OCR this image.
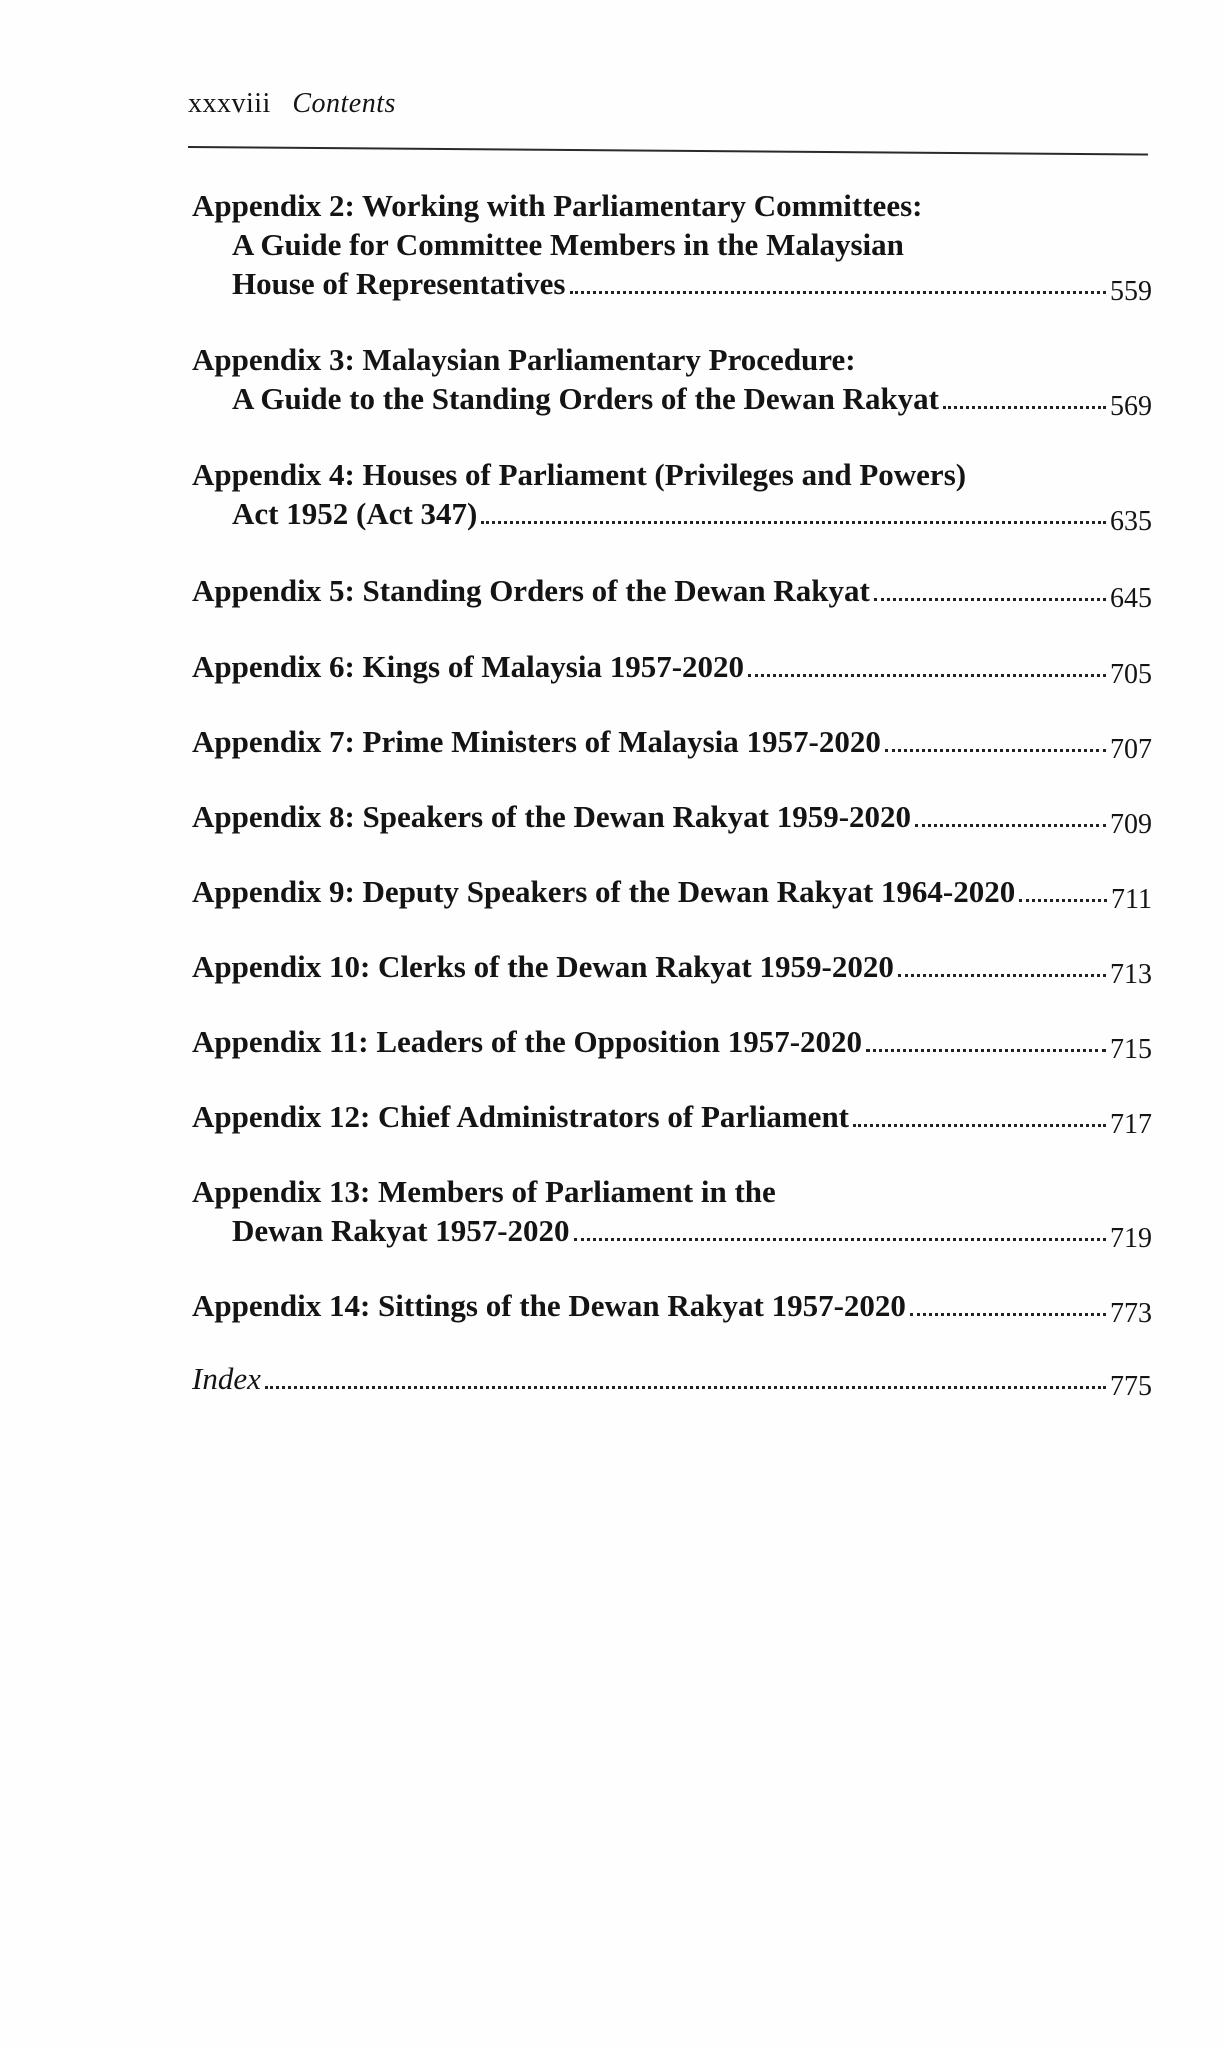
xxxviii Contents
Appendix 2: Working with Parliamentary Committees:
A Guide for Committee Members in the Malaysian
House of Representatives	559
Appendix 3: Malaysian Parliamentary Procedure:
A Guide to the Standing Orders of the Dewan Rakyat	569
Appendix 4: Houses of Parliament (Privileges and Powers)
Act 1952 (Act 347)	635
Appendix 5: Standing Orders of the Dewan Rakyat	645
Appendix 6: Kings of Malaysia 1957-2020	705
Appendix 7: Prime Ministers of Malaysia 1957-2020	707
Appendix 8: Speakers of the Dewan Rakyat 1959-2020	709
Appendix 9: Deputy Speakers of the Dewan Rakyat 1964-2020	711
Appendix 10: Clerks of the Dewan Rakyat 1959-2020	713
Appendix 11: Leaders of the Opposition 1957-2020	715
Appendix 12: Chief Administrators of Parliament	717
Appendix 13: Members of Parliament in the
Dewan Rakyat 1957-2020	719
Appendix 14: Sittings of the Dewan Rakyat 1957-2020	773
Index	775
